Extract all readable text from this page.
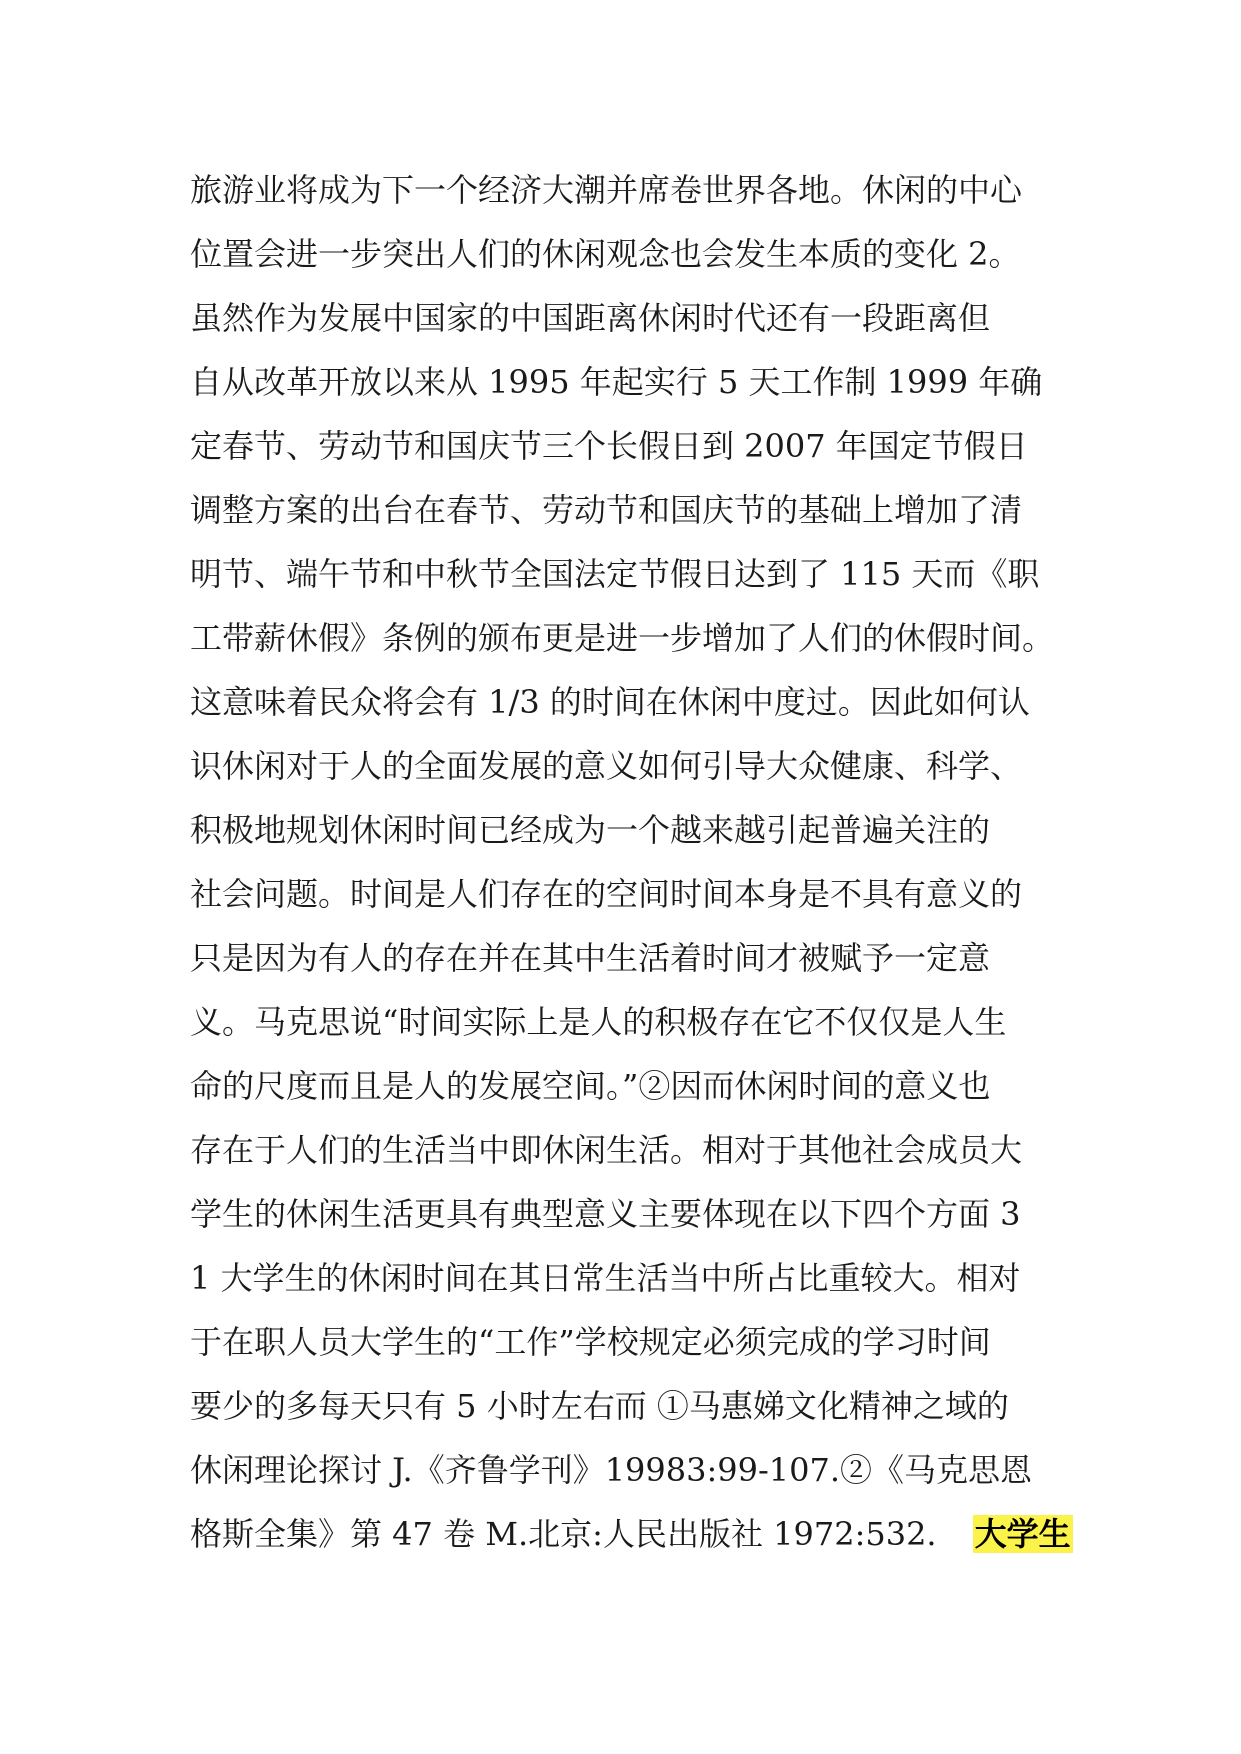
旅游业将成为下一个经济大潮并席卷世界各地。休闲的中心
位置会进一步突出人们的休闲观念也会发生本质的变化 2。
虽然作为发展中国家的中国距离休闲时代还有一段距离但
自从改革开放以来从 1995 年起实行 5 天工作制 1999 年确
定春节、劳动节和国庆节三个长假日到 2007 年国定节假日
调整方案的出台在春节、劳动节和国庆节的基础上增加了清
明节、端午节和中秋节全国法定节假日达到了 115 天而《职
工带薪休假》条例的颁布更是进一步增加了人们的休假时间。
这意味着民众将会有 1/3 的时间在休闲中度过。因此如何认
识休闲对于人的全面发展的意义如何引导大众健康、科学、
积极地规划休闲时间已经成为一个越来越引起普遍关注的
社会问题。时间是人们存在的空间时间本身是不具有意义的
只是因为有人的存在并在其中生活着时间才被赋予一定意
义。马克思说“时间实际上是人的积极存在它不仅仅是人生
命的尺度而且是人的发展空间。”②因而休闲时间的意义也
存在于人们的生活当中即休闲生活。相对于其他社会成员大
学生的休闲生活更具有典型意义主要体现在以下四个方面 3
1 大学生的休闲时间在其日常生活当中所占比重较大。相对
于在职人员大学生的“工作”学校规定必须完成的学习时间
要少的多每天只有 5 小时左右而 ①马惠娣文化精神之域的
休闲理论探讨 J.《齐鲁学刊》19983:99-107.②《马克思恩
格斯全集》第 47 卷 M.北京:人民出版社 1972:532. 大学生
